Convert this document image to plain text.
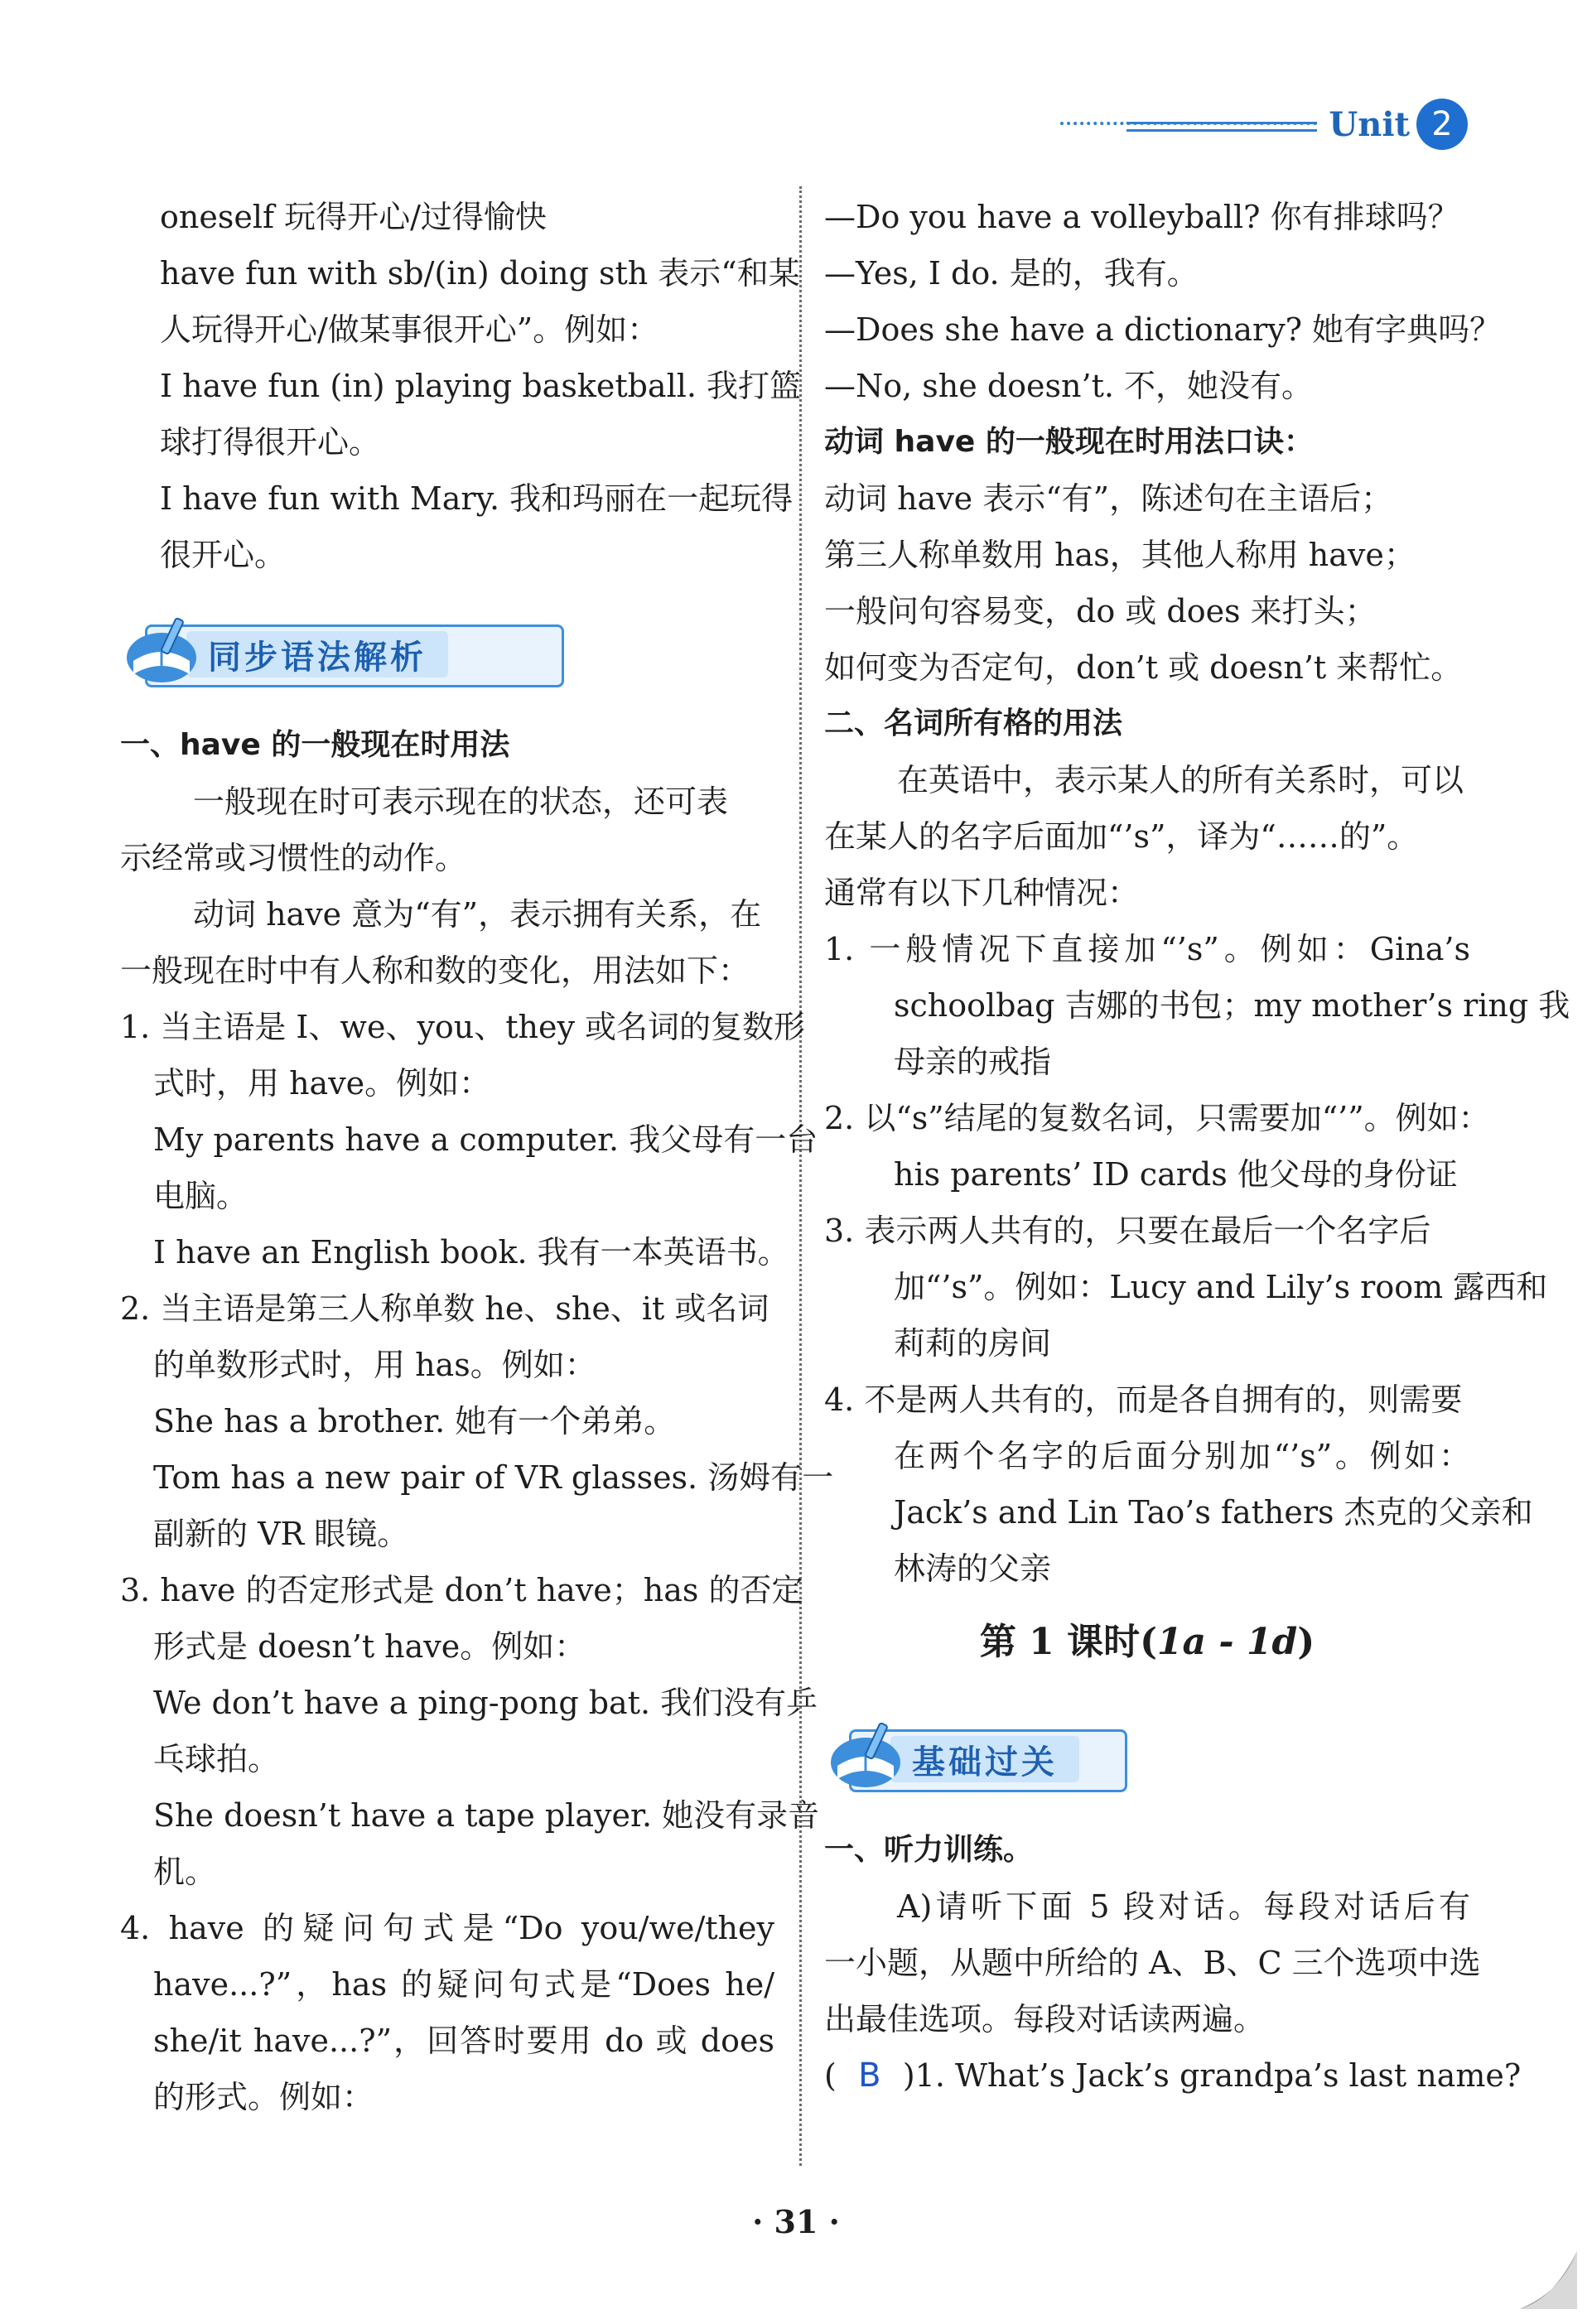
Unit 2
oneself 玩得开心/过得愉快
have fun with sb/(in) doing sth 表示“和某
人玩得开心/做某事很开心”。例如：
I have fun (in) playing basketball. 我打篮
球打得很开心。
I have fun with Mary. 我和玛丽在一起玩得
很开心。
同步语法解析
一、have 的一般现在时用法
一般现在时可表示现在的状态，还可表
示经常或习惯性的动作。
动词 have 意为“有”，表示拥有关系，在
一般现在时中有人称和数的变化，用法如下：
1. 当主语是 I、we、you、they 或名词的复数形
式时，用 have。例如：
My parents have a computer. 我父母有一台
电脑。
I have an English book. 我有一本英语书。
2. 当主语是第三人称单数 he、she、it 或名词
的单数形式时，用 has。例如：
She has a brother. 她有一个弟弟。
Tom has a new pair of VR glasses. 汤姆有一
副新的 VR 眼镜。
3. have 的否定形式是 don’t have；has 的否定
形式是 doesn’t have。例如：
We don’t have a ping-pong bat. 我们没有乒
乓球拍。
She doesn’t have a tape player. 她没有录音
机。
4. have 的疑问句式是“Do you/we/they
have...?”，has 的疑问句式是“Does he/
she/it have...?”，回答时要用 do 或 does
的形式。例如：
—Do you have a volleyball? 你有排球吗？
—Yes, I do. 是的，我有。
—Does she have a dictionary? 她有字典吗？
—No, she doesn’t. 不，她没有。
动词 have 的一般现在时用法口诀：
动词 have 表示“有”，陈述句在主语后；
第三人称单数用 has，其他人称用 have；
一般问句容易变，do 或 does 来打头；
如何变为否定句，don’t 或 doesn’t 来帮忙。
二、名词所有格的用法
在英语中，表示某人的所有关系时，可以
在某人的名字后面加“’s”，译为“……的”。
通常有以下几种情况：
1. 一般情况下直接加“’s”。例如：Gina’s
schoolbag 吉娜的书包；my mother’s ring 我
母亲的戒指
2. 以“s”结尾的复数名词，只需要加“’”。例如：
his parents’ ID cards 他父母的身份证
3. 表示两人共有的，只要在最后一个名字后
加“’s”。例如：Lucy and Lily’s room 露西和
莉莉的房间
4. 不是两人共有的，而是各自拥有的，则需要
在两个名字的后面分别加“’s”。例如：
Jack’s and Lin Tao’s fathers 杰克的父亲和
林涛的父亲
第 1 课时(1a - 1d)
基础过关
一、听力训练。
A)请听下面 5 段对话。每段对话后有
一小题，从题中所给的 A、B、C 三个选项中选
出最佳选项。每段对话读两遍。
( B )1. What’s Jack’s grandpa’s last name?
· 31 ·
